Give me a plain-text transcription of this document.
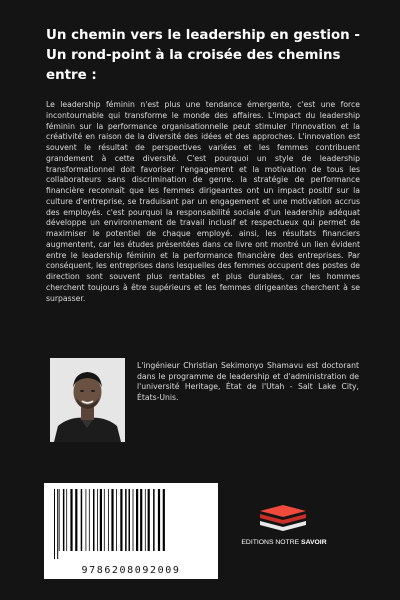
Un chemin vers le leadership en gestion - Un rond-point à la croisée des chemins entre :

Le leadership féminin n'est plus une tendance émergente, c'est une force incontournable qui transforme le monde des affaires. L'impact du leadership féminin sur la performance organisationnelle peut stimuler l'innovation et la créativité en raison de la diversité des idées et des approches. L'innovation est souvent le résultat de perspectives variées et les femmes contribuent grandement à cette diversité. C'est pourquoi un style de leadership transformationnel doit favoriser l'engagement et la motivation de tous les collaborateurs sans discrimination de genre. la stratégie de performance financière reconnaît que les femmes dirigeantes ont un impact positif sur la culture d'entreprise, se traduisant par un engagement et une motivation accrus des employés. c'est pourquoi la responsabilité sociale d'un leadership adéquat développe un environnement de travail inclusif et respectueux qui permet de maximiser le potentiel de chaque employé. ainsi, les résultats financiers augmentent, car les études présentées dans ce livre ont montré un lien évident entre le leadership féminin et la performance financière des entreprises. Par conséquent, les entreprises dans lesquelles des femmes occupent des postes de direction sont souvent plus rentables et plus durables, car les hommes cherchent toujours à être supérieurs et les femmes dirigeantes cherchent à se surpasser.

L'ingénieur Christian Sekimonyo Shamavu est doctorant dans le programme de leadership et d'administration de l'université Heritage, État de l'Utah - Salt Lake City, États-Unis.

9786208092009

EDITIONS NOTRE SAVOIR
